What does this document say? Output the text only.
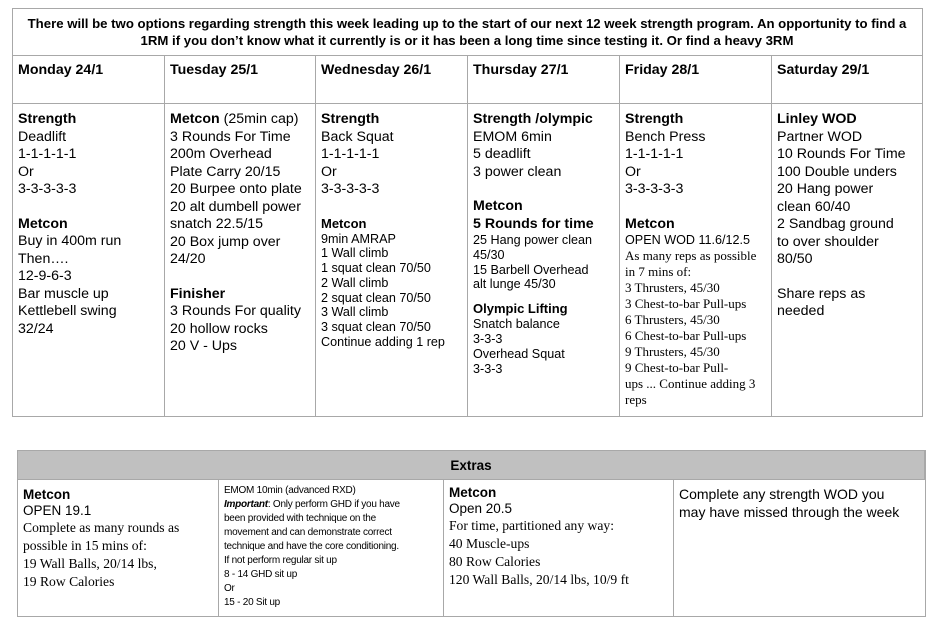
There will be two options regarding strength this week leading up to the start of our next 12 week strength program. An opportunity to find a 1RM if you don’t know what it currently is or it has been a long time since testing it. Or find a heavy 3RM
Extras
Monday 24/1
Strength
Deadlift
1-1-1-1-1
Or
3-3-3-3-3
Metcon
Buy in 400m run
Then….
12-9-6-3
Bar muscle up
Kettlebell swing
32/24
Tuesday 25/1
Metcon (25min cap)
3 Rounds For Time
200m Overhead
Plate Carry 20/15
20 Burpee onto plate
20 alt dumbell power
snatch 22.5/15
20 Box jump over
24/20
Finisher
3 Rounds For quality
20 hollow rocks
20 V - Ups
Wednesday 26/1
Strength
Back Squat
1-1-1-1-1
Or
3-3-3-3-3
Metcon
9min AMRAP
1 Wall climb
1 squat clean 70/50
2 Wall climb
2 squat clean 70/50
3 Wall climb
3 squat clean 70/50
Continue adding 1 rep
Thursday 27/1
Strength /olympic
EMOM 6min
5 deadlift
3 power clean
Metcon
5 Rounds for time
25 Hang power clean
45/30
15 Barbell Overhead
alt lunge 45/30
Olympic Lifting
Snatch balance
3-3-3
Overhead Squat
3-3-3
Friday 28/1
Strength
Bench Press
1-1-1-1-1
Or
3-3-3-3-3
Metcon
OPEN WOD 11.6/12.5
As many reps as possible
in 7 mins of:
3 Thrusters, 45/30
3 Chest-to-bar Pull-ups
6 Thrusters, 45/30
6 Chest-to-bar Pull-ups
9 Thrusters, 45/30
9 Chest-to-bar Pull-
ups ... Continue adding 3
reps
Saturday 29/1
Linley WOD
Partner WOD
10 Rounds For Time
100 Double unders
20 Hang power
clean 60/40
2 Sandbag ground
to over shoulder
80/50
Share reps as
needed
Metcon
OPEN 19.1
Complete as many rounds as
possible in 15 mins of:
19 Wall Balls, 20/14 lbs,
19 Row Calories
EMOM 10min (advanced RXD)
Important: Only perform GHD if you have
been provided with technique on the
movement and can demonstrate correct
technique and have the core conditioning.
If not perform regular sit up
8 - 14 GHD sit up
Or
15 - 20 Sit up
Metcon
Open 20.5
For time, partitioned any way:
40 Muscle-ups
80 Row Calories
120 Wall Balls, 20/14 lbs, 10/9 ft
Complete any strength WOD you
may have missed through the week
